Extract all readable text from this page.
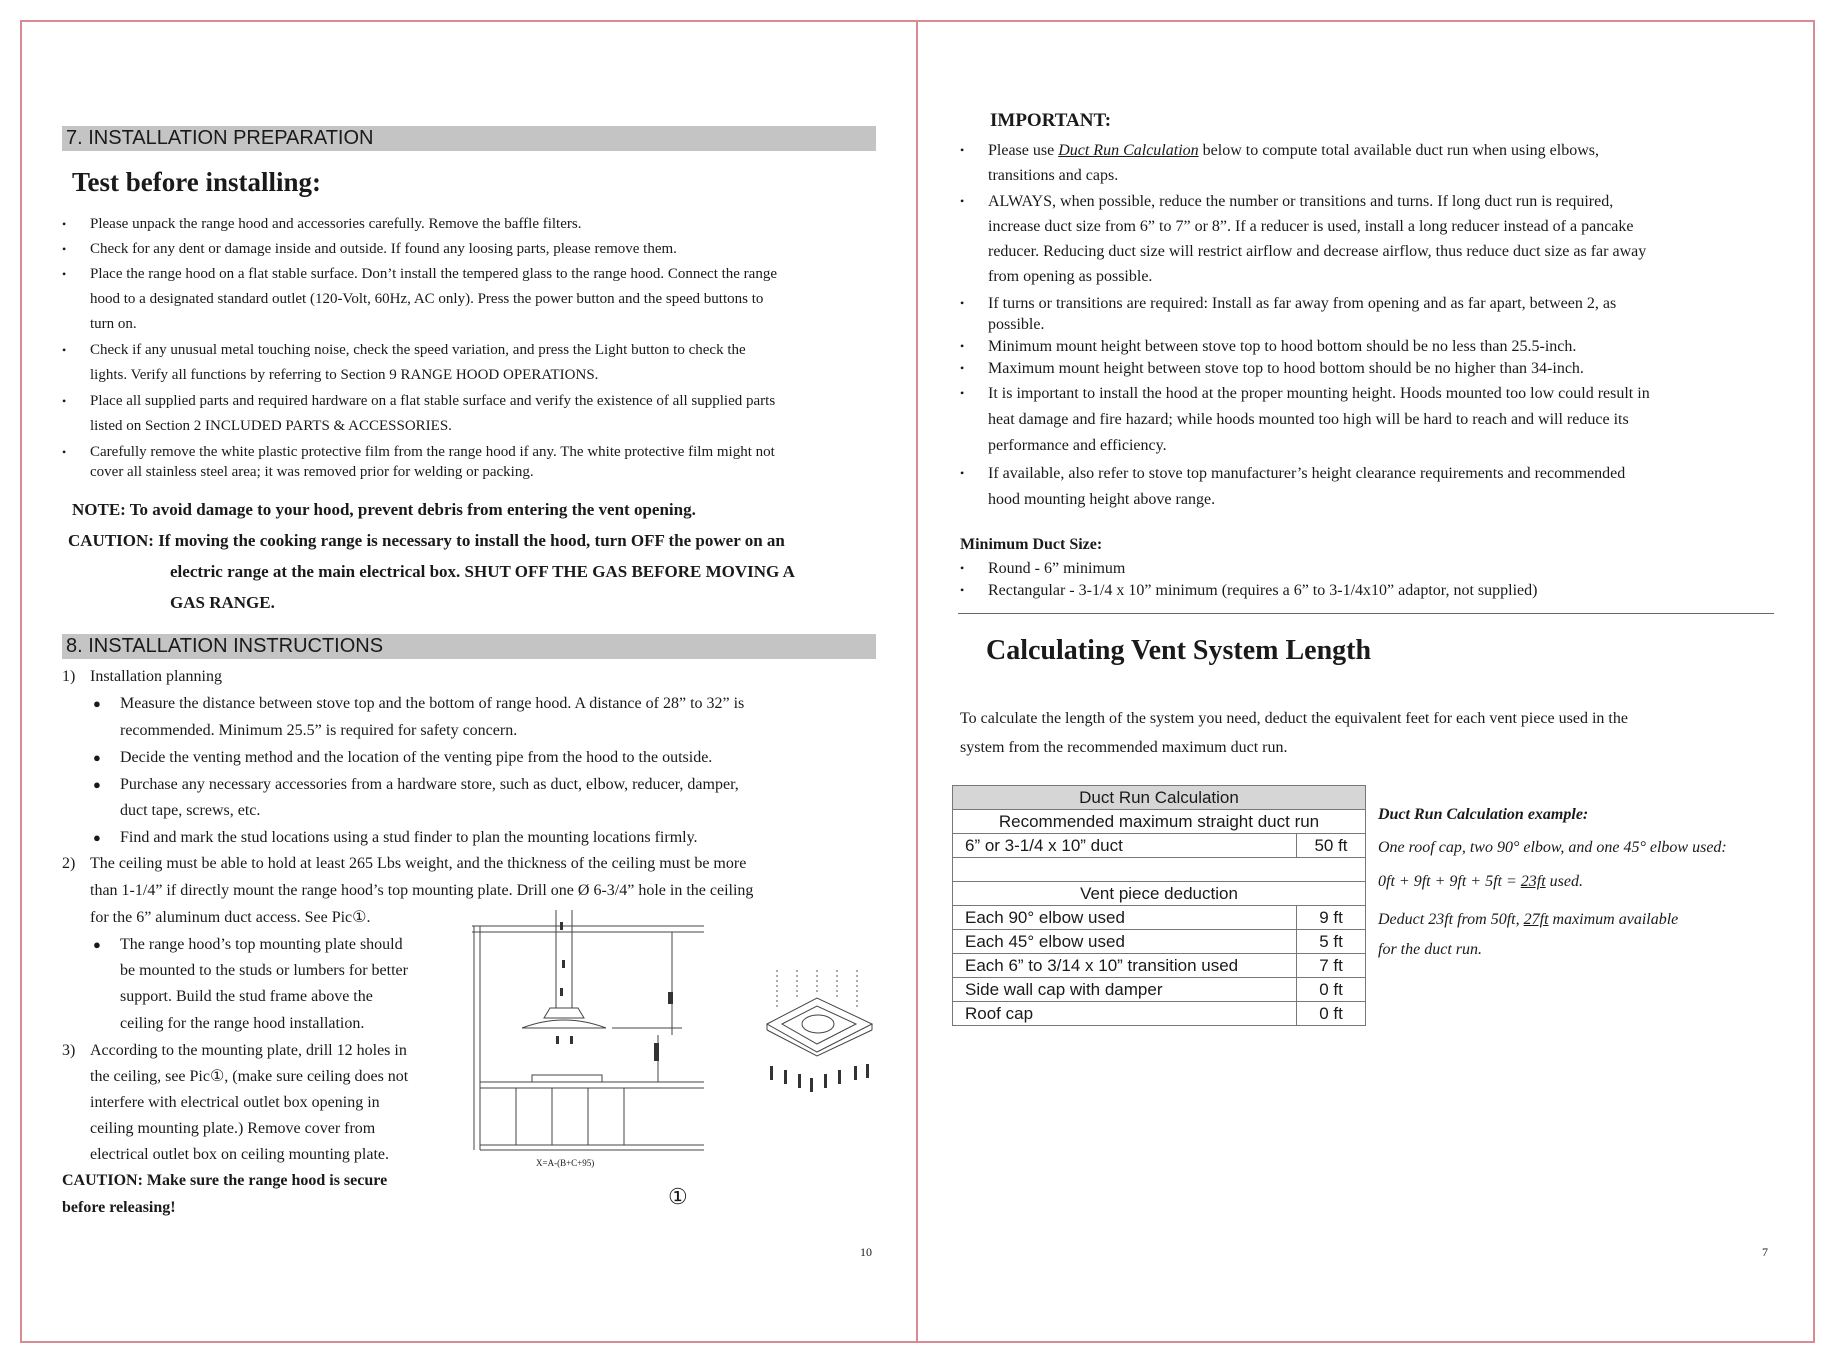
7. INSTALLATION PREPARATION
Test before installing:
• Please unpack the range hood and accessories carefully. Remove the baffle filters.
• Check for any dent or damage inside and outside. If found any loosing parts, please remove them.
• Place the range hood on a flat stable surface. Don’t install the tempered glass to the range hood. Connect the range
hood to a designated standard outlet (120-Volt, 60Hz, AC only). Press the power button and the speed buttons to
turn on.
• Check if any unusual metal touching noise, check the speed variation, and press the Light button to check the
lights. Verify all functions by referring to Section 9 RANGE HOOD OPERATIONS.
• Place all supplied parts and required hardware on a flat stable surface and verify the existence of all supplied parts
listed on Section 2 INCLUDED PARTS & ACCESSORIES.
• Carefully remove the white plastic protective film from the range hood if any. The white protective film might not
cover all stainless steel area; it was removed prior for welding or packing.
NOTE: To avoid damage to your hood, prevent debris from entering the vent opening.
CAUTION: If moving the cooking range is necessary to install the hood, turn OFF the power on an
electric range at the main electrical box. SHUT OFF THE GAS BEFORE MOVING A
GAS RANGE.
8. INSTALLATION INSTRUCTIONS
1) Installation planning
● Measure the distance between stove top and the bottom of range hood. A distance of 28” to 32” is
recommended. Minimum 25.5” is required for safety concern.
● Decide the venting method and the location of the venting pipe from the hood to the outside.
● Purchase any necessary accessories from a hardware store, such as duct, elbow, reducer, damper,
duct tape, screws, etc.
● Find and mark the stud locations using a stud finder to plan the mounting locations firmly.
2) The ceiling must be able to hold at least 265 Lbs weight, and the thickness of the ceiling must be more
than 1-1/4” if directly mount the range hood’s top mounting plate. Drill one Ø 6-3/4” hole in the ceiling
for the 6” aluminum duct access. See Pic①.
● The range hood’s top mounting plate should
be mounted to the studs or lumbers for better
support. Build the stud frame above the
ceiling for the range hood installation.
3) According to the mounting plate, drill 12 holes in
the ceiling, see Pic①, (make sure ceiling does not
interfere with electrical outlet box opening in
ceiling mounting plate.) Remove cover from
electrical outlet box on ceiling mounting plate.
CAUTION: Make sure the range hood is secure
before releasing!
X=A-(B+C+95)
①
10
IMPORTANT:
• Please use Duct Run Calculation below to compute total available duct run when using elbows,
transitions and caps.
• ALWAYS, when possible, reduce the number or transitions and turns. If long duct run is required,
increase duct size from 6” to 7” or 8”. If a reducer is used, install a long reducer instead of a pancake
reducer. Reducing duct size will restrict airflow and decrease airflow, thus reduce duct size as far away
from opening as possible.
• If turns or transitions are required: Install as far away from opening and as far apart, between 2, as
possible.
• Minimum mount height between stove top to hood bottom should be no less than 25.5-inch.
• Maximum mount height between stove top to hood bottom should be no higher than 34-inch.
• It is important to install the hood at the proper mounting height. Hoods mounted too low could result in
heat damage and fire hazard; while hoods mounted too high will be hard to reach and will reduce its
performance and efficiency.
• If available, also refer to stove top manufacturer’s height clearance requirements and recommended
hood mounting height above range.
Minimum Duct Size:
• Round - 6” minimum
• Rectangular - 3-1/4 x 10” minimum (requires a 6” to 3-1/4x10” adaptor, not supplied)
Calculating Vent System Length
To calculate the length of the system you need, deduct the equivalent feet for each vent piece used in the
system from the recommended maximum duct run.
Duct Run Calculation	
Recommended maximum straight duct run	
6” or 3-1/4 x 10” duct	50 ft

Vent piece deduction	
Each 90° elbow used	9 ft
Each 45° elbow used	5 ft
Each 6” to 3/14 x 10” transition used	7 ft
Side wall cap with damper	0 ft
Roof cap	0 ft
Duct Run Calculation example:
One roof cap, two 90° elbow, and one 45° elbow used:
0ft + 9ft + 9ft + 5ft = 23ft used.
Deduct 23ft from 50ft, 27ft maximum available
for the duct run.
7
